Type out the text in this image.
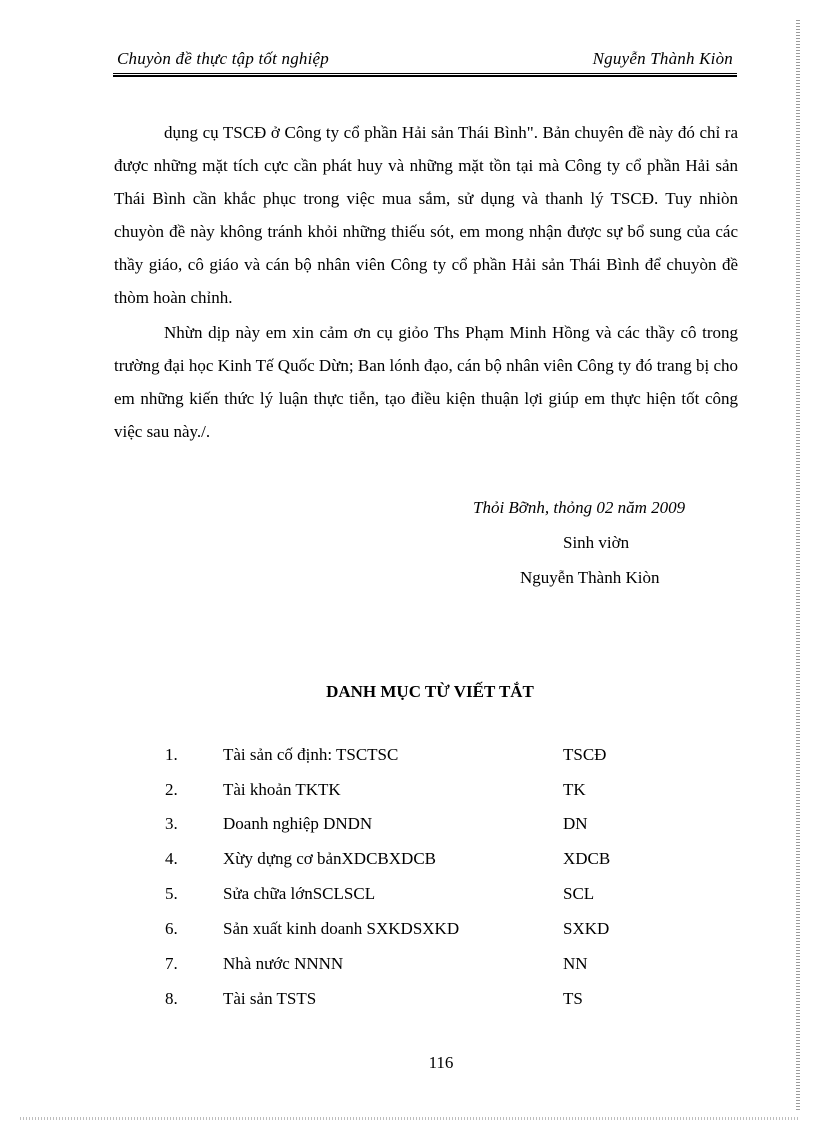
Chuyòn đề thực tập tốt nghiệp	Nguyễn Thành Kiòn

dụng cụ TSCĐ ở Công ty cổ phần Hải sản Thái Bình". Bản chuyên đề này đó chỉ ra được những mặt tích cực cần phát huy và những mặt tồn tại mà Công ty cổ phần Hải sản Thái Bình cần khắc phục trong việc mua sắm, sử dụng và thanh lý TSCĐ. Tuy nhiòn chuyòn đề này không tránh khỏi những thiếu sót, em mong nhận được sự bổ sung của các thầy giáo, cô giáo và cán bộ nhân viên Công ty cổ phần Hải sản Thái Bình để chuyòn đề thòm hoàn chỉnh.

Nhừn dịp này em xin cảm ơn cụ giỏo Ths Phạm Minh Hồng và các thầy cô trong trường đại học Kinh Tế Quốc Dừn; Ban lónh đạo, cán bộ nhân viên Công ty đó trang bị cho em những kiến thức lý luận thực tiễn, tạo điều kiện thuận lợi giúp em thực hiện tốt công việc sau này./.

Thỏi Bỡnh, thỏng 02 năm 2009
Sinh viờn
Nguyễn Thành Kiòn
DANH MỤC TỪ VIẾT TẮT
1.	Tài sản cố định: TSCTSC	TSCĐ
2.	Tài khoản TKTK	TK
3.	Doanh nghiệp DNDN	DN
4.	Xừy dựng cơ bảnXDCBXDCB	XDCB
5.	Sửa chữa lớnSCLSCL	SCL
6.	Sản xuất kinh doanh SXKDSXKD	SXKD
7.	Nhà nước NNNN	NN
8.	Tài sản TSTS	TS
116
